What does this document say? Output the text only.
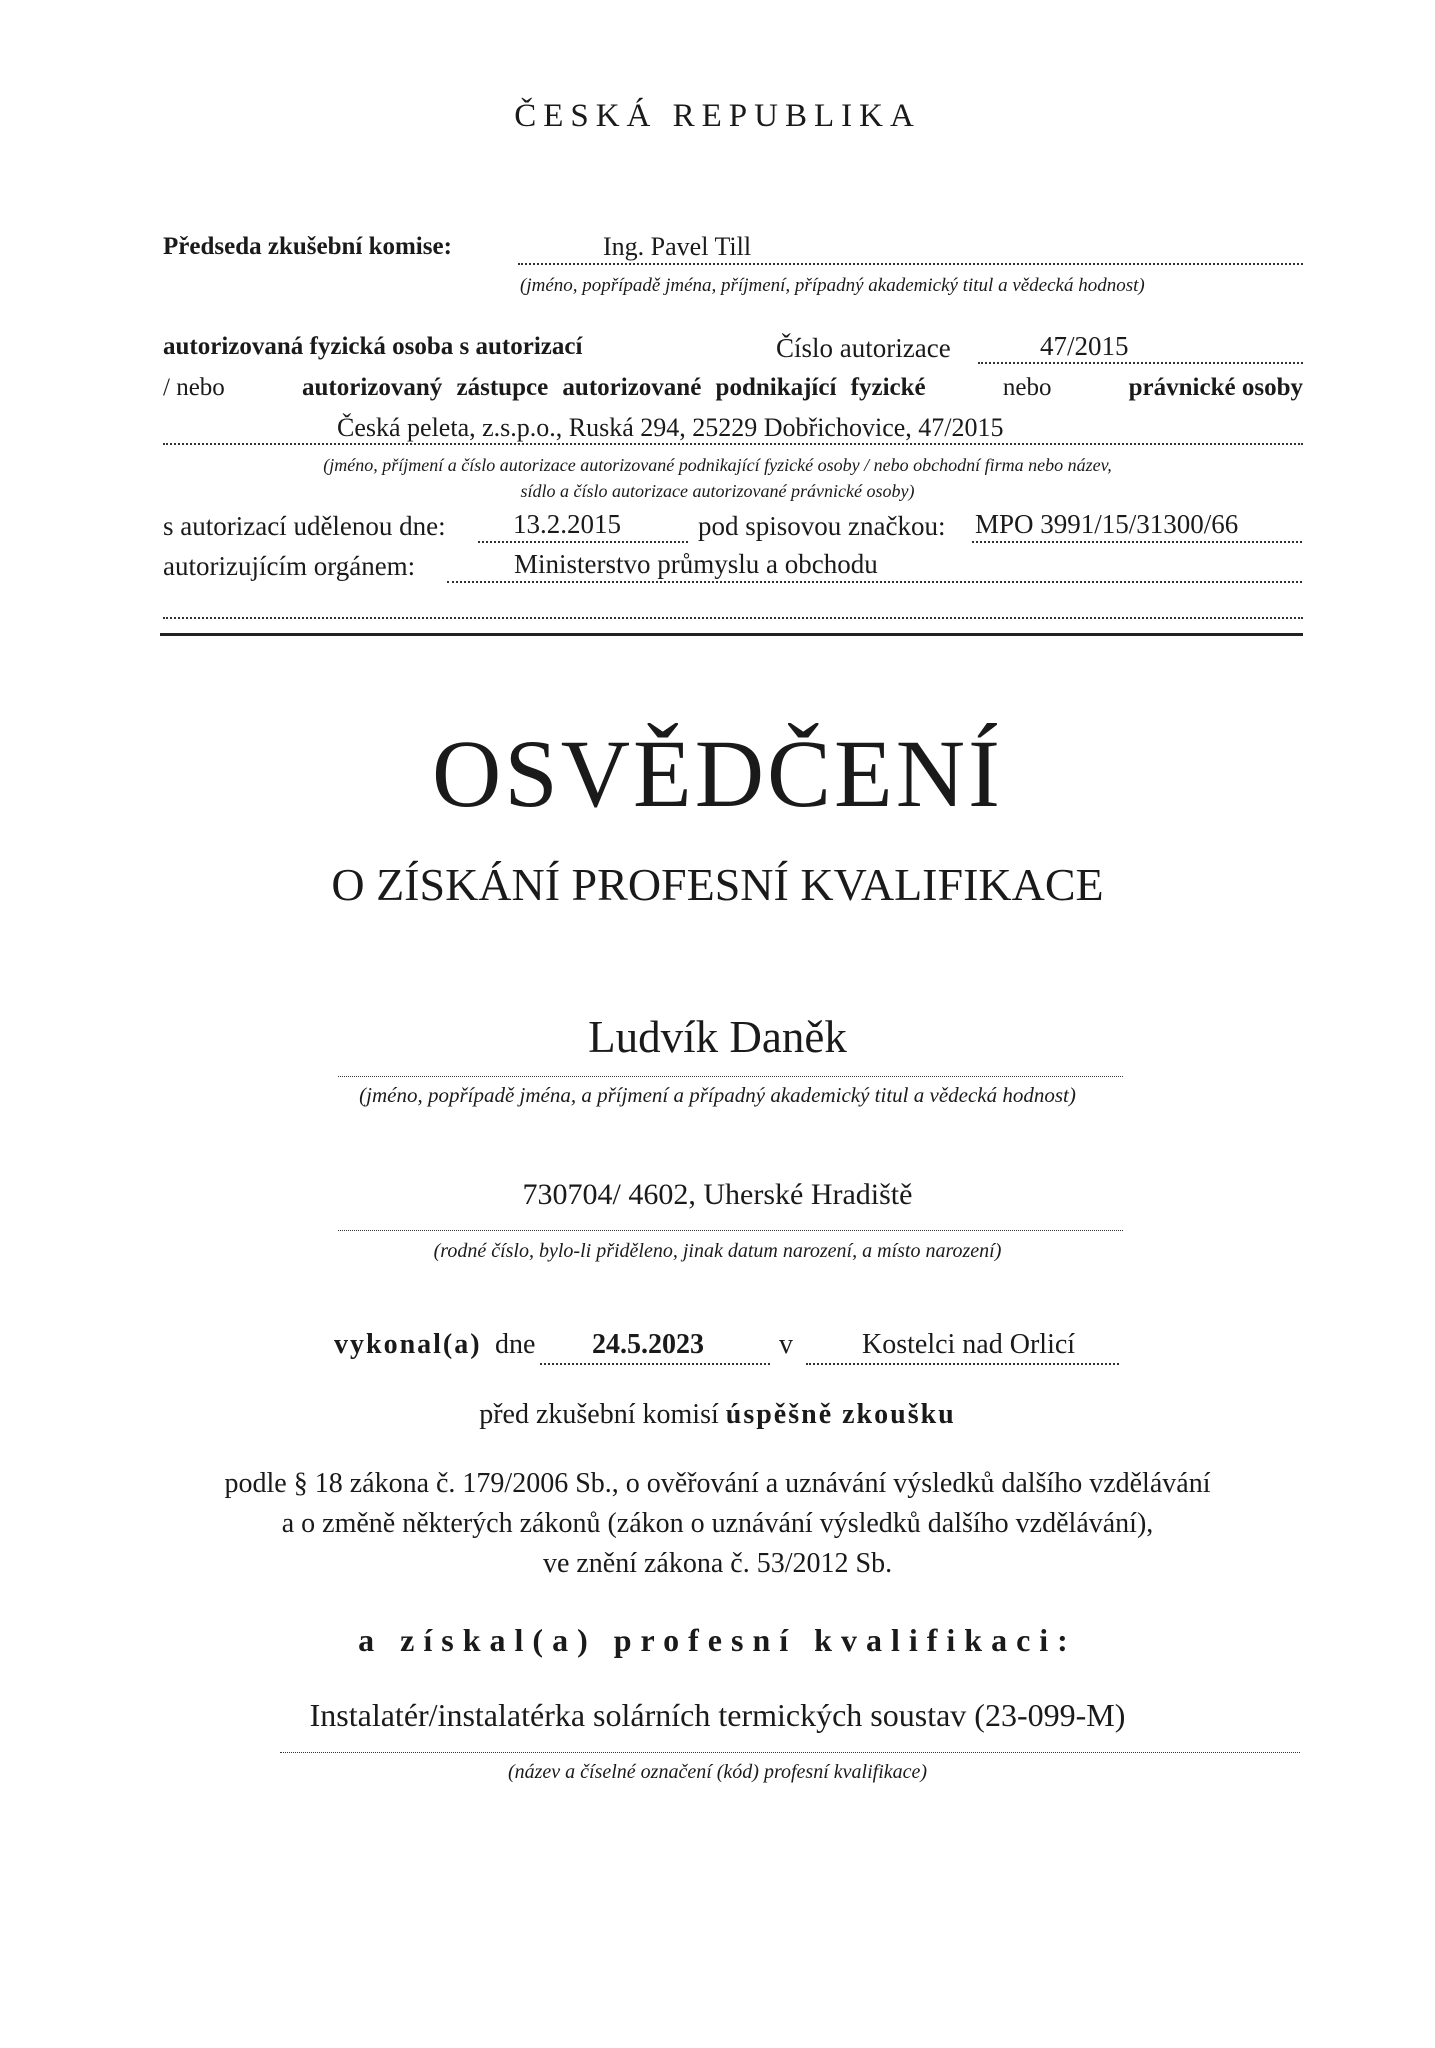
ČESKÁ REPUBLIKA
Předseda zkušební komise:	Ing. Pavel Till
(jméno, popřípadě jména, příjmení, případný akademický titul a vědecká hodnost)
autorizovaná fyzická osoba s autorizací	Číslo autorizace	47/2015
/ nebo	autorizovaný zástupce autorizované podnikající fyzické	nebo	právnické osoby
Česká peleta, z.s.p.o., Ruská 294, 25229 Dobřichovice, 47/2015
(jméno, příjmení a číslo autorizace autorizované podnikající fyzické osoby / nebo obchodní firma nebo název,
sídlo a číslo autorizace autorizované právnické osoby)
s autorizací udělenou dne: 13.2.2015	pod spisovou značkou: MPO 3991/15/31300/66
autorizujícím orgánem:	Ministerstvo průmyslu a obchodu
OSVĚDČENÍ
O ZÍSKÁNÍ PROFESNÍ KVALIFIKACE
Ludvík Daněk
(jméno, popřípadě jména, a příjmení a případný akademický titul a vědecká hodnost)
730704/ 4602, Uherské Hradiště
(rodné číslo, bylo-li přiděleno, jinak datum narození, a místo narození)
vykonal(a) dne 24.5.2023	v Kostelci nad Orlicí
před zkušební komisí úspěšně zkoušku
podle § 18 zákona č. 179/2006 Sb., o ověřování a uznávání výsledků dalšího vzdělávání
a o změně některých zákonů (zákon o uznávání výsledků dalšího vzdělávání),
ve znění zákona č. 53/2012 Sb.
a získal(a) profesní kvalifikaci:
Instalatér/instalatérka solárních termických soustav (23-099-M)
(název a číselné označení (kód) profesní kvalifikace)
